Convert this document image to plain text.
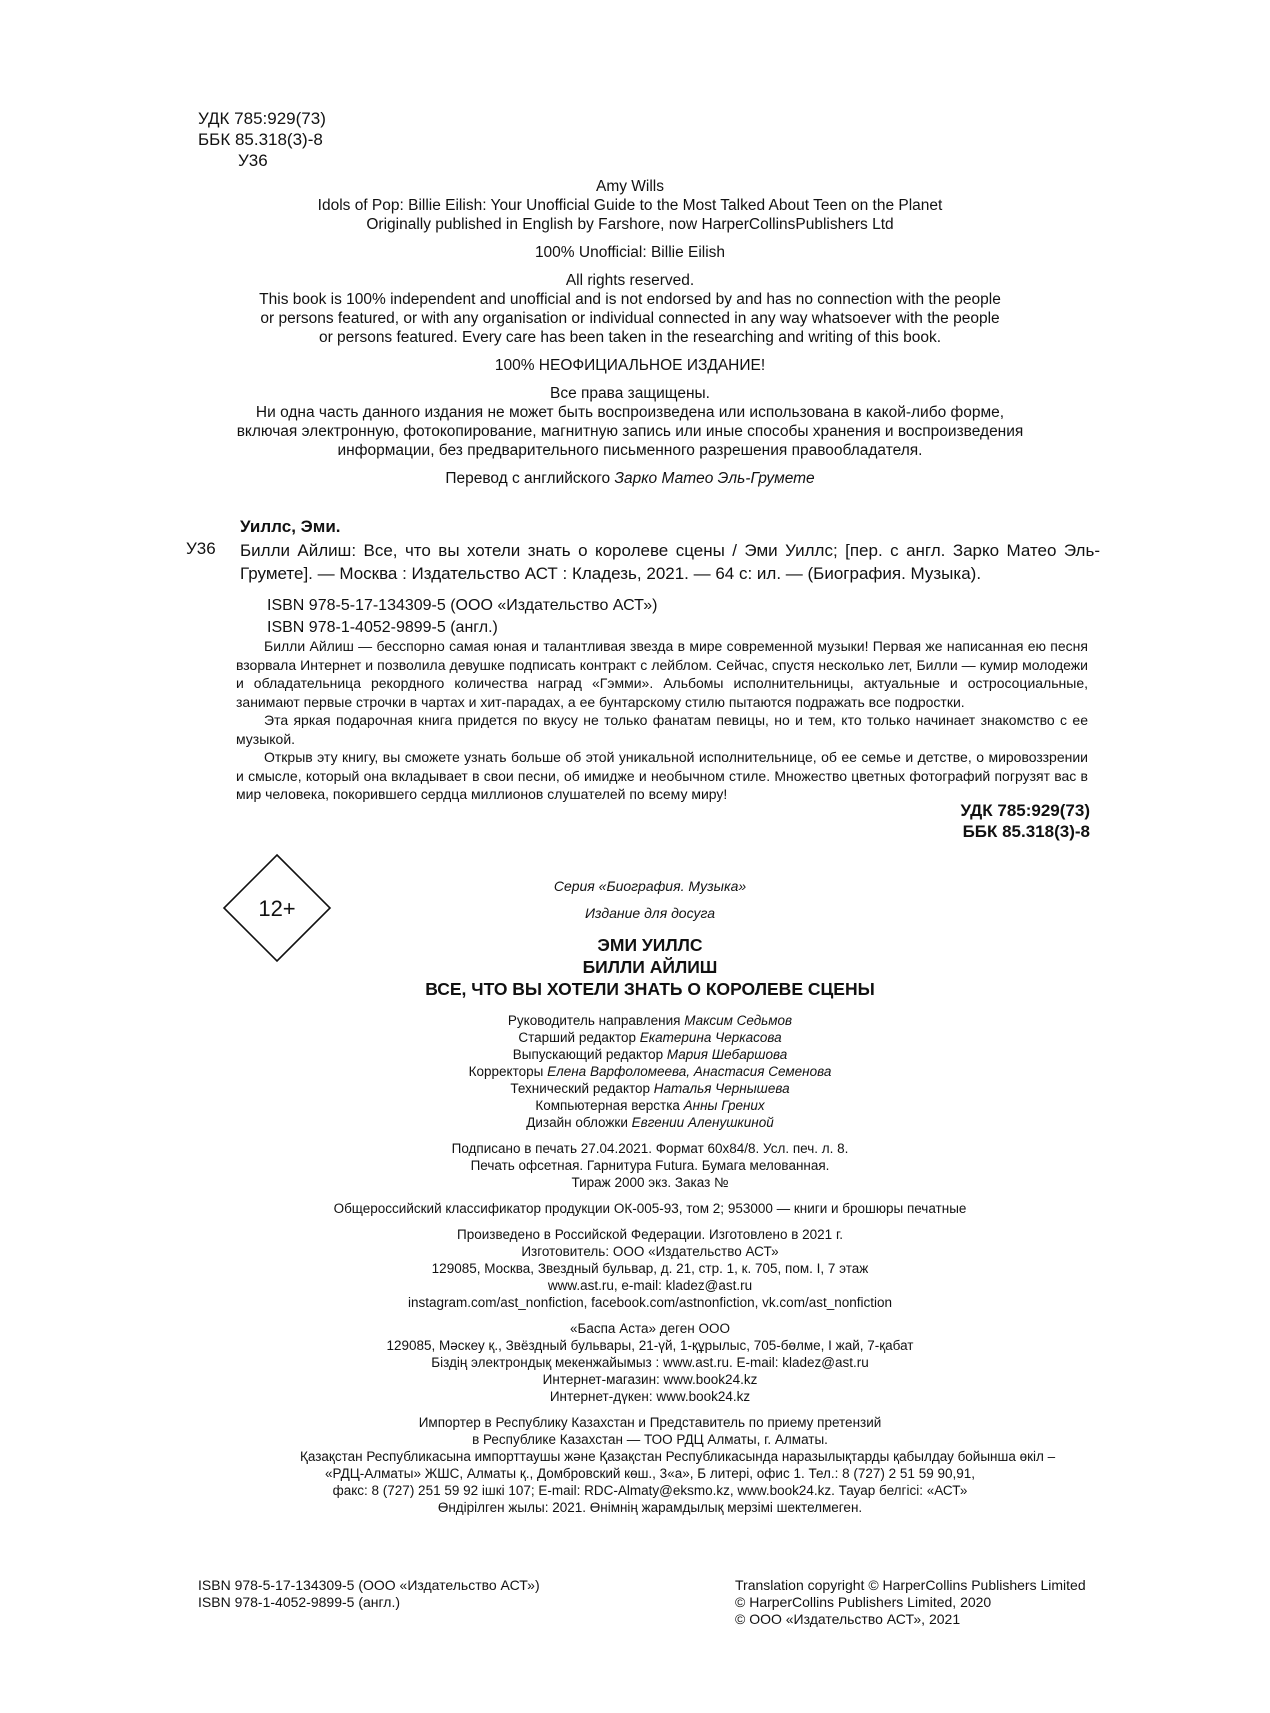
УДК 785:929(73)
ББК 85.318(3)-8
У36
Amy Wills
Idols of Pop: Billie Eilish: Your Unofficial Guide to the Most Talked About Teen on the Planet
Originally published in English by Farshore, now HarperCollinsPublishers Ltd
100% Unofficial: Billie Eilish
All rights reserved.
This book is 100% independent and unofficial and is not endorsed by and has no connection with the people
or persons featured, or with any organisation or individual connected in any way whatsoever with the people
or persons featured. Every care has been taken in the researching and writing of this book.
100% НЕОФИЦИАЛЬНОЕ ИЗДАНИЕ!
Все права защищены.
Ни одна часть данного издания не может быть воспроизведена или использована в какой-либо форме,
включая электронную, фотокопирование, магнитную запись или иные способы хранения и воспроизведения
информации, без предварительного письменного разрешения правообладателя.
Перевод с английского Зарко Матео Эль-Грумете
Уиллс, Эми.
У36 Билли Айлиш: Все, что вы хотели знать о королеве сцены / Эми Уиллс; [пер. с англ. Зарко Матео Эль-Грумете]. — Москва : Издательство АСТ : Кладезь, 2021. — 64 с: ил. — (Биография. Музыка).
ISBN 978-5-17-134309-5 (ООО «Издательство АСТ»)
ISBN 978-1-4052-9899-5 (англ.)

Билли Айлиш — бесспорно самая юная и талантливая звезда в мире современной музыки! Первая же написанная ею песня взорвала Интернет и позволила девушке подписать контракт с лейблом. Сейчас, спустя несколько лет, Билли — кумир молодежи и обладательница рекордного количества наград «Гэмми». Альбомы исполнительницы, актуальные и остросоциальные, занимают первые строчки в чартах и хит-парадах, а ее бунтарскому стилю пытаются подражать все подростки.

Эта яркая подарочная книга придется по вкусу не только фанатам певицы, но и тем, кто только начинает знакомство с ее музыкой.

Открыв эту книгу, вы сможете узнать больше об этой уникальной исполнительнице, об ее семье и детстве, о мировоззрении и смысле, который она вкладывает в свои песни, об имидже и необычном стиле. Множество цветных фотографий погрузят вас в мир человека, покорившего сердца миллионов слушателей по всему миру!

УДК 785:929(73)
ББК 85.318(3)-8
12+
Серия «Биография. Музыка»
Издание для досуга
ЭМИ УИЛЛС
БИЛЛИ АЙЛИШ
ВСЕ, ЧТО ВЫ ХОТЕЛИ ЗНАТЬ О КОРОЛЕВЕ СЦЕНЫ
Руководитель направления Максим Седьмов
Старший редактор Екатерина Черкасова
Выпускающий редактор Мария Шебаршова
Корректоры Елена Варфоломеева, Анастасия Семенова
Технический редактор Наталья Чернышева
Компьютерная верстка Анны Грених
Дизайн обложки Евгении Аленушкиной
Подписано в печать 27.04.2021. Формат 60x84/8. Усл. печ. л. 8.
Печать офсетная. Гарнитура Futura. Бумага мелованная.
Тираж 2000 экз. Заказ №
Общероссийский классификатор продукции ОК-005-93, том 2; 953000 — книги и брошюры печатные
Произведено в Российской Федерации. Изготовлено в 2021 г.
Изготовитель: ООО «Издательство АСТ»
129085, Москва, Звездный бульвар, д. 21, стр. 1, к. 705, пом. I, 7 этаж
www.ast.ru, e-mail: kladez@ast.ru
instagram.com/ast_nonfiction, facebook.com/astnonfiction, vk.com/ast_nonfiction
«Баспа Аста» деген ООО
129085, Мәскеу қ., Звёздный бульвары, 21-үй, 1-құрылыс, 705-бөлме, I жай, 7-қабат
Біздің электрондық мекенжайымыз : www.ast.ru. E-mail: kladez@ast.ru
Интернет-магазин: www.book24.kz
Интернет-дүкен: www.book24.kz
Импортер в Республику Казахстан и Представитель по приему претензий
в Республике Казахстан — ТОО РДЦ Алматы, г. Алматы.
Қазақстан Республикасына импорттаушы және Қазақстан Республикасында наразылықтарды қабылдау бойынша өкіл –
«РДЦ-Алматы» ЖШС, Алматы қ., Домбровский көш., 3«а», Б литері, офис 1. Тел.: 8 (727) 2 51 59 90,91,
факс: 8 (727) 251 59 92 ішкі 107; E-mail: RDC-Almaty@eksmo.kz, www.book24.kz. Тауар белгісі: «АСТ»
Өндірілген жылы: 2021. Өнімнің жарамдылық мерзімі шектелмеген.
ISBN 978-5-17-134309-5 (ООО «Издательство АСТ»)
ISBN 978-1-4052-9899-5 (англ.)
Translation copyright © HarperCollins Publishers Limited
© HarperCollins Publishers Limited, 2020
© ООО «Издательство АСТ», 2021
